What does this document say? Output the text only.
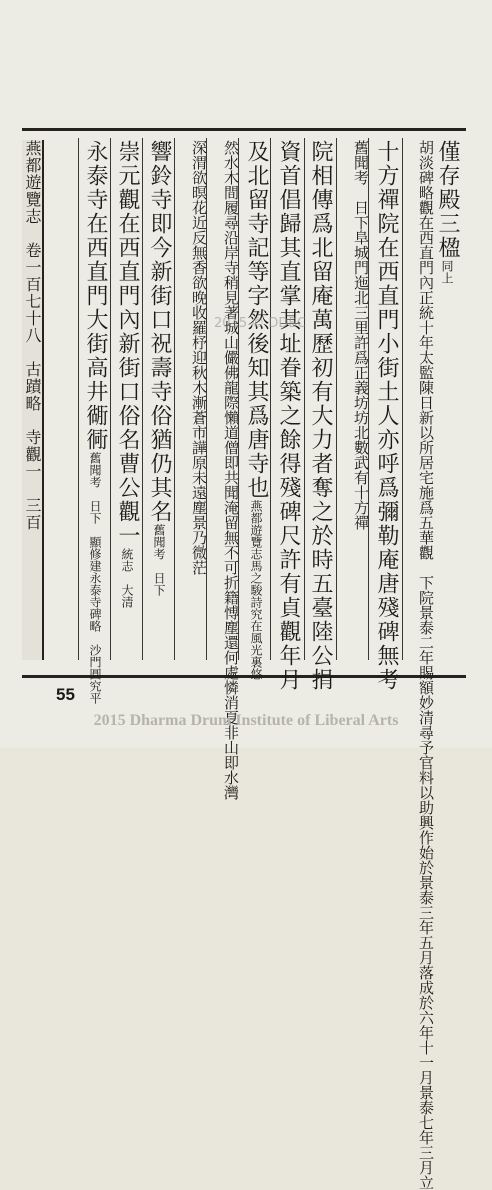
僅存殿三楹同上
胡淡碑略觀在西直門內正統十年太監陳日新以所居宅施爲五華觀　下院景泰二年賜額妙清尋予官料以助興作始於景泰三年五月落成於六年十一月景泰七年三月立
十方禪院在西直門小街土人亦呼爲彌勒庵唐殘碑無考
舊聞考　日下阜城門迤北三里許爲正義坊坊北數武有十方禪
院相傳爲北留庵萬歷初有大力者奪之於時五臺陸公捐
資首倡歸其直掌其址眷築之餘得殘碑尺許有貞觀年月
及北留寺記等字然後知其爲唐寺也燕都遊覽志馬之駿詩究在風光裏悠
然水木間履尋沿岸寺稍見著城山儼佛龍際懶道僧即共聞淹留無不可折籍愽塵還何處憐消夏非山即水灣
深渭欲暝花近反無香欲晚收羅杼迎秋木漸蒼市譁原未遠塵景乃微茫
響鈴寺即今新街口祝壽寺俗猶仍其名舊聞考　日下
崇元觀在西直門內新街口俗名曹公觀一統志　大清
永泰寺在西直門大街高井衚衕舊聞考　日下　顯修建永泰寺碑略　沙門圓究平
燕都遊覽志　卷一百七十八　古蹟略　寺觀一　三百	2015 © DDBC
55
2015 Dharma Drum Institute of Liberal Arts
